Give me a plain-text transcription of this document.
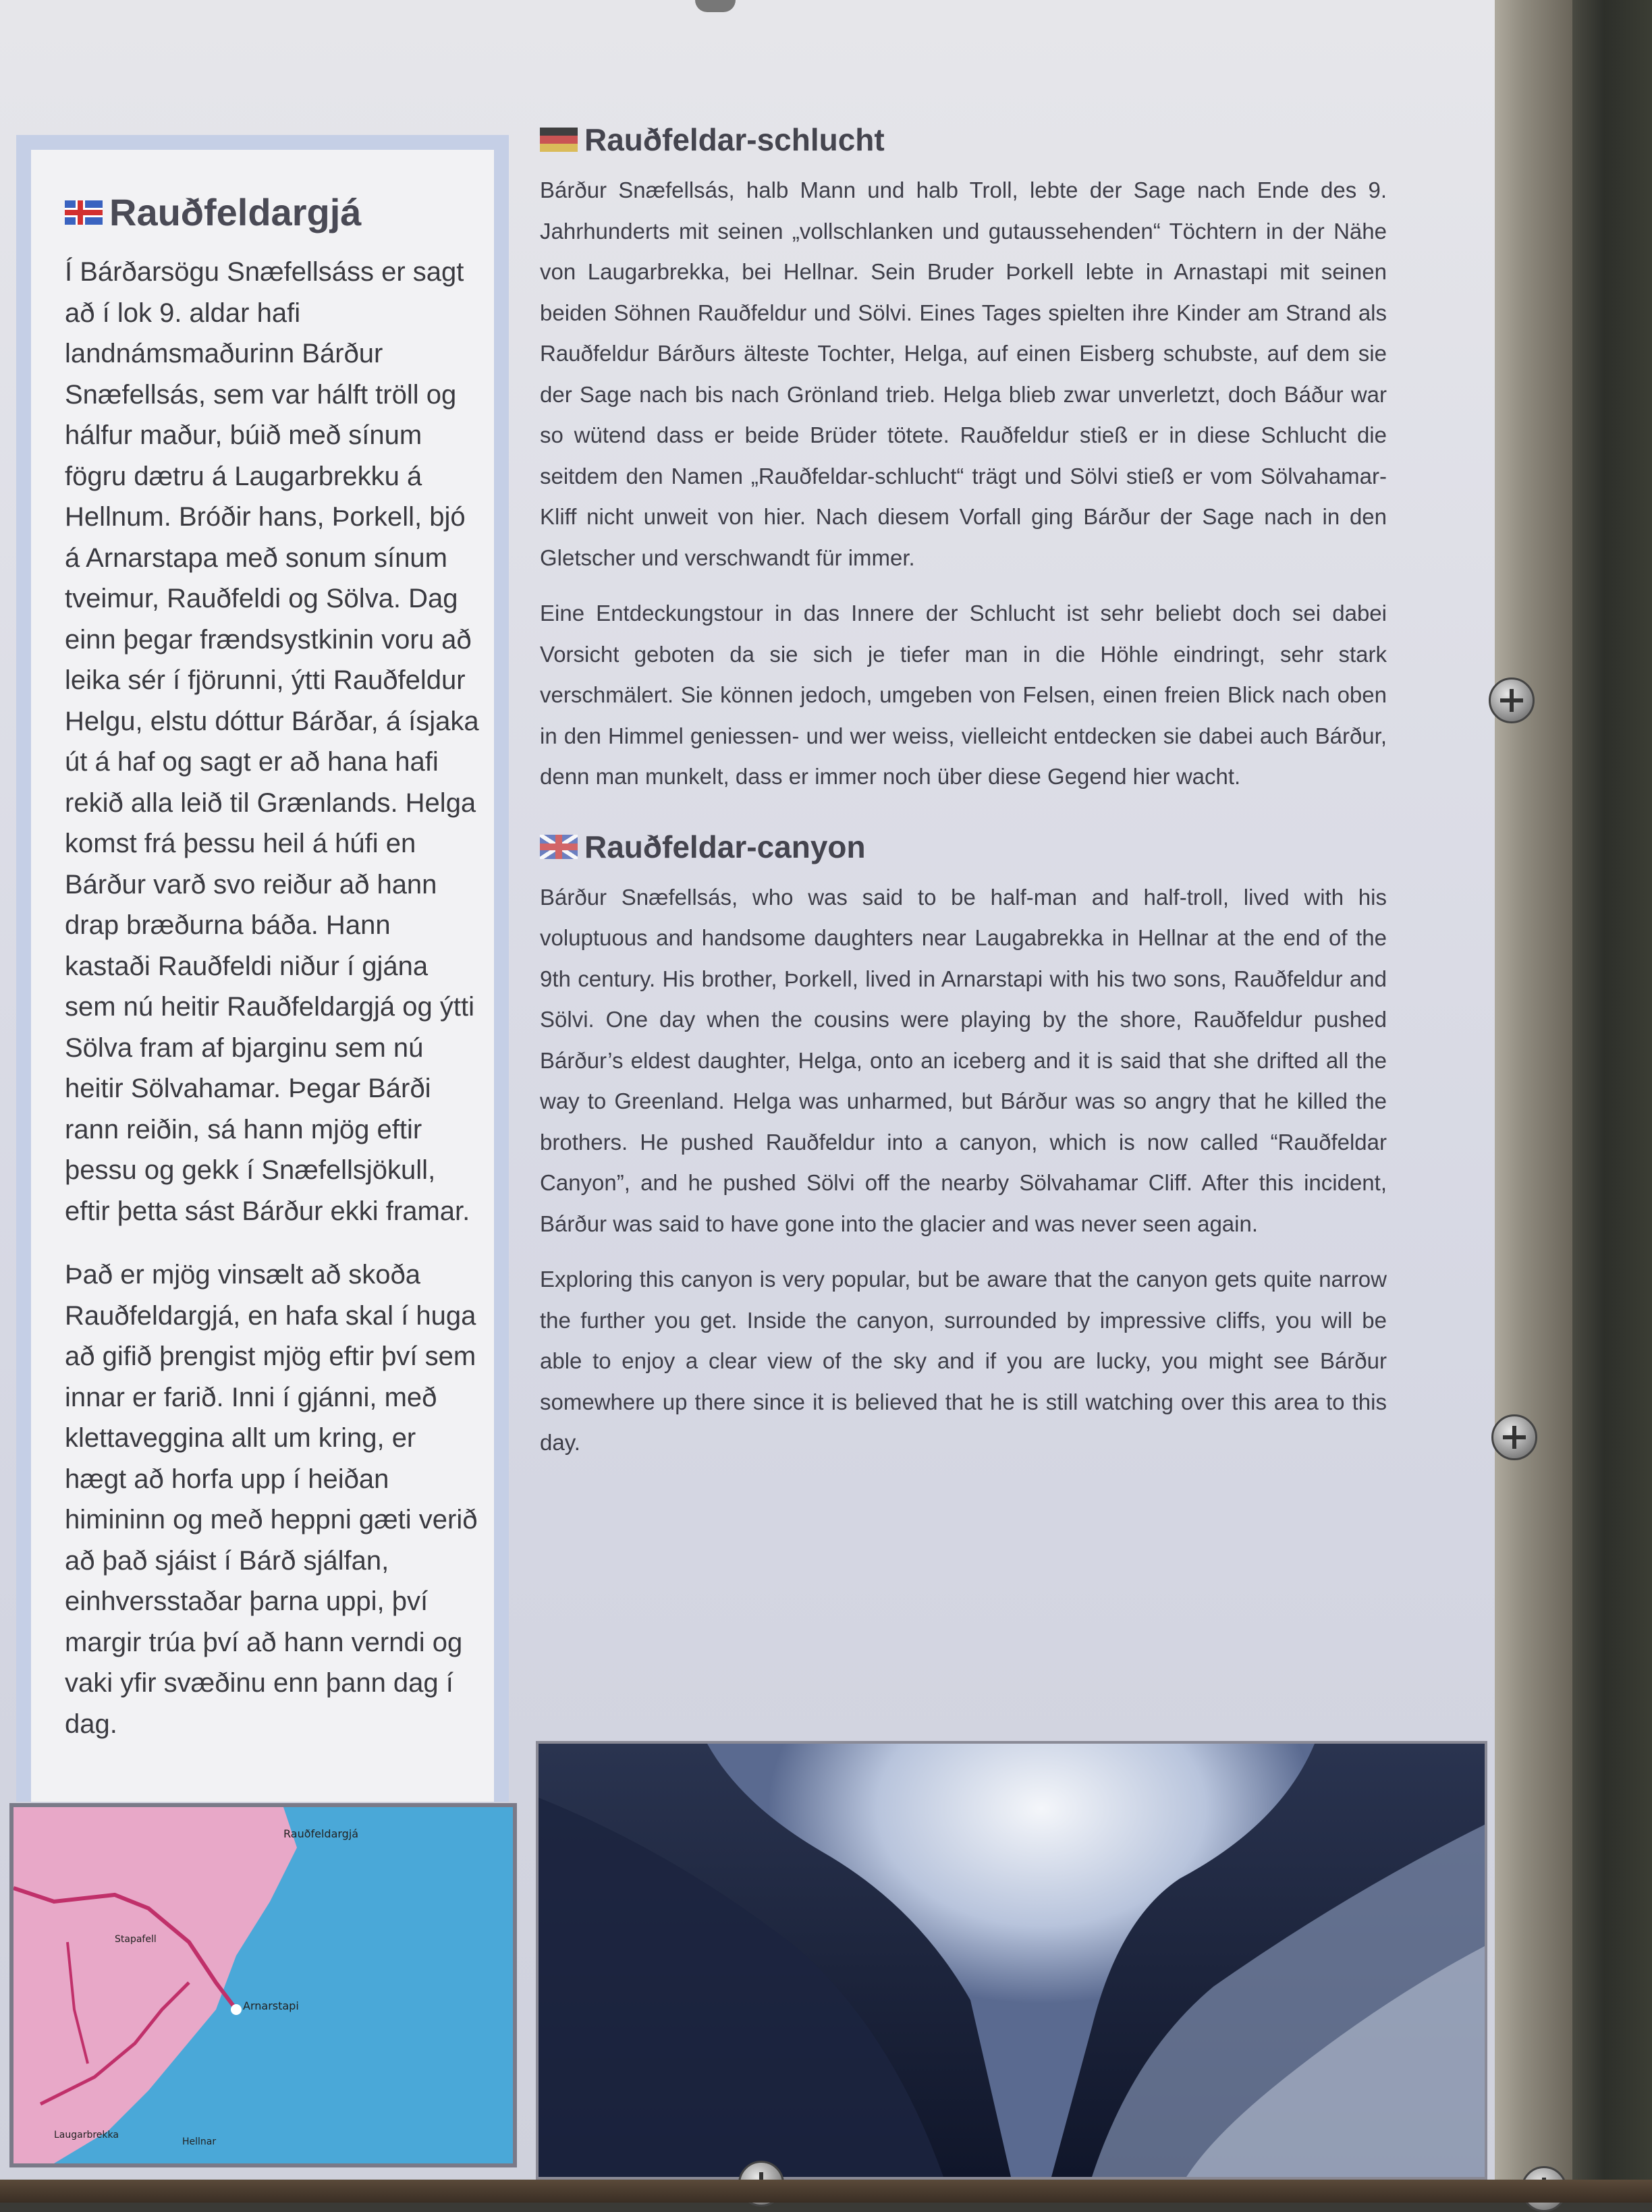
Rauðfeldargjá

Í Bárðarsögu Snæfellsáss er sagt að í lok 9. aldar hafi landnámsmaðurinn Bárður Snæfellsás, sem var hálft tröll og hálfur maður, búið með sínum fögru dætru á Laugarbrekku á Hellnum. Bróðir hans, Þorkell, bjó á Arnarstapa með sonum sínum tveimur, Rauðfeldi og Sölva. Dag einn þegar frændsystkinin voru að leika sér í fjörunni, ýtti Rauðfeldur Helgu, elstu dóttur Bárðar, á ísjaka út á haf og sagt er að hana hafi rekið alla leið til Grænlands. Helga komst frá þessu heil á húfi en Bárður varð svo reiður að hann drap bræðurna báða. Hann kastaði Rauðfeldi niður í gjána sem nú heitir Rauðfeldargjá og ýtti Sölva fram af bjarginu sem nú heitir Sölvahamar. Þegar Bárði rann reiðin, sá hann mjög eftir þessu og gekk í Snæfellsjökull, eftir þetta sást Bárður ekki framar.

Það er mjög vinsælt að skoða Rauðfeldargjá, en hafa skal í huga að gifið þrengist mjög eftir því sem innar er farið. Inni í gjánni, með klettaveggina allt um kring, er hægt að horfa upp í heiðan himininn og með heppni gæti verið að það sjáist í Bárð sjálfan, einhversstaðar þarna uppi, því margir trúa því að hann verndi og vaki yfir svæðinu enn þann dag í dag.

Rauðfeldargjá
Arnarstapi
Stapafell
Laugarbrekka
Hellnar
Rauðfeldar-schlucht

Bárður Snæfellsás, halb Mann und halb Troll, lebte der Sage nach Ende des 9. Jahrhunderts mit seinen „vollschlanken und gutaussehenden“ Töchtern in der Nähe von Laugarbrekka, bei Hellnar. Sein Bruder Þorkell lebte in Arnastapi mit seinen beiden Söhnen Rauðfeldur und Sölvi. Eines Tages spielten ihre Kinder am Strand als Rauðfeldur Bárðurs älteste Tochter, Helga, auf einen Eisberg schubste, auf dem sie der Sage nach bis nach Grönland trieb. Helga blieb zwar unverletzt, doch Báður war so wütend dass er beide Brüder tötete. Rauðfeldur stieß er in diese Schlucht die seitdem den Namen „Rauðfeldar-schlucht“ trägt und Sölvi stieß er vom Sölvahamar-Kliff nicht unweit von hier. Nach diesem Vorfall ging Bárður der Sage nach in den Gletscher und verschwandt für immer.

Eine Entdeckungstour in das Innere der Schlucht ist sehr beliebt doch sei dabei Vorsicht geboten da sie sich je tiefer man in die Höhle eindringt, sehr stark verschmälert. Sie können jedoch, umgeben von Felsen, einen freien Blick nach oben in den Himmel geniessen- und wer weiss, vielleicht entdecken sie dabei auch Bárður, denn man munkelt, dass er immer noch über diese Gegend hier wacht.

Rauðfeldar-canyon

Bárður Snæfellsás, who was said to be half-man and half-troll, lived with his voluptuous and handsome daughters near Laugabrekka in Hellnar at the end of the 9th century. His brother, Þorkell, lived in Arnarstapi with his two sons, Rauðfeldur and Sölvi. One day when the cousins were playing by the shore, Rauðfeldur pushed Bárður’s eldest daughter, Helga, onto an iceberg and it is said that she drifted all the way to Greenland. Helga was unharmed, but Bárður was so angry that he killed the brothers. He pushed Rauðfeldur into a canyon, which is now called “Rauðfeldar Canyon”, and he pushed Sölvi off the nearby Sölvahamar Cliff. After this incident, Bárður was said to have gone into the glacier and was never seen again.

Exploring this canyon is very popular, but be aware that the canyon gets quite narrow the further you get. Inside the canyon, surrounded by impressive cliffs, you will be able to enjoy a clear view of the sky and if you are lucky, you might see Bárður somewhere up there since it is believed that he is still watching over this area to this day.
